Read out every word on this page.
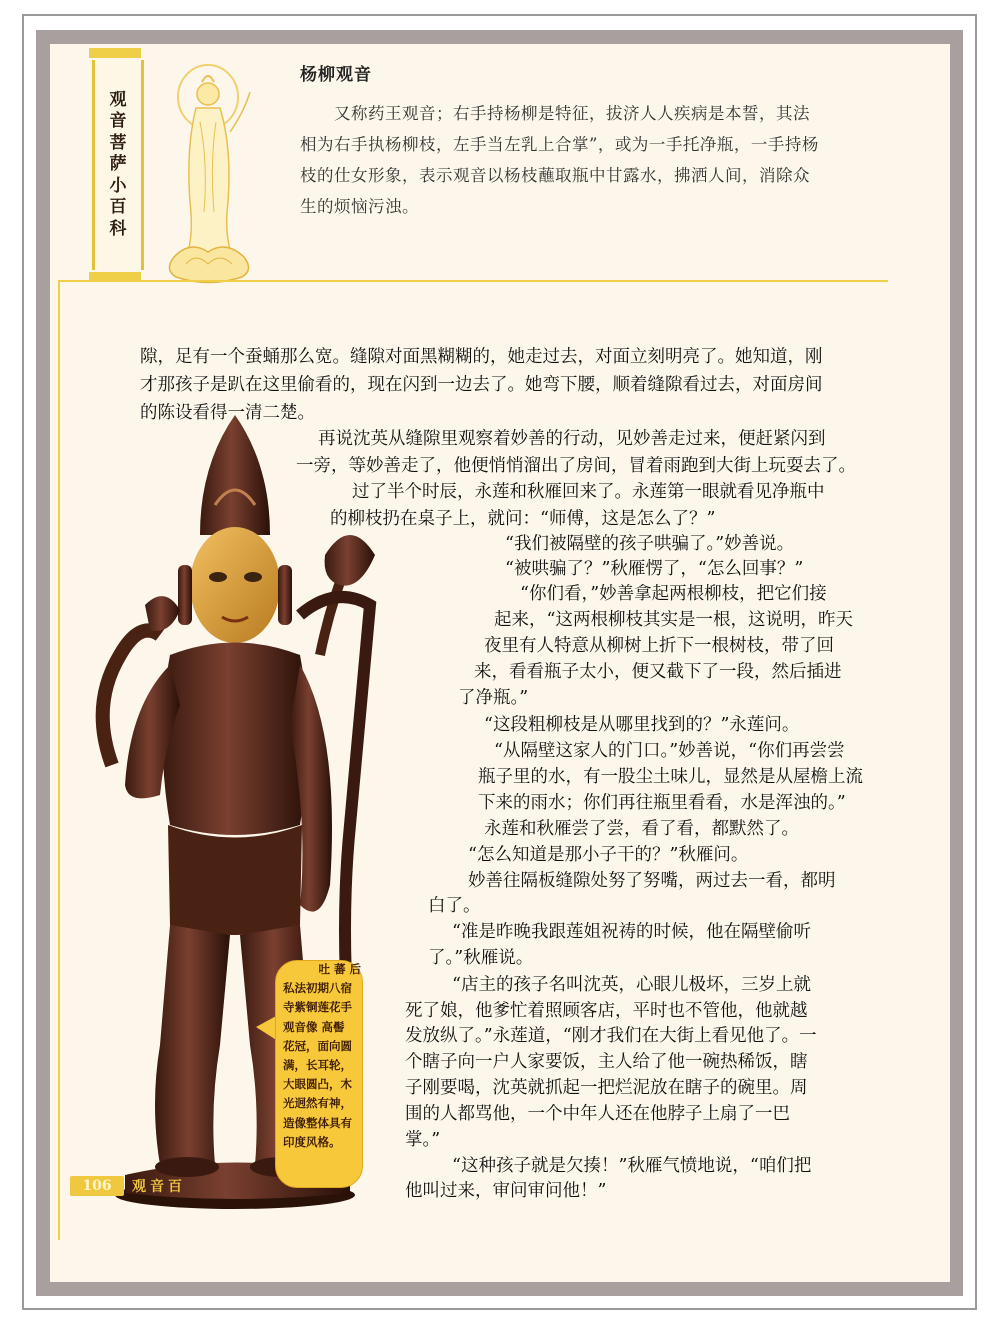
观
音
菩
萨
小
百
科
杨柳观音
又称药王观音；右手持杨柳是特征，拔济人人疾病是本誓，其法
相为右手执杨柳枝，左手当左乳上合掌”，或为一手托净瓶，一手持杨
枝的仕女形象，表示观音以杨枝蘸取瓶中甘露水，拂洒人间，消除众
生的烦恼污浊。
隙，足有一个蚕蛹那么宽。缝隙对面黑糊糊的，她走过去，对面立刻明亮了。她知道，刚
才那孩子是趴在这里偷看的，现在闪到一边去了。她弯下腰，顺着缝隙看过去，对面房间
的陈设看得一清二楚。
再说沈英从缝隙里观察着妙善的行动，见妙善走过来，便赶紧闪到
一旁，等妙善走了，他便悄悄溜出了房间，冒着雨跑到大街上玩耍去了。
过了半个时辰，永莲和秋雁回来了。永莲第一眼就看见净瓶中
的柳枝扔在桌子上，就问：“师傅，这是怎么了？”
“我们被隔壁的孩子哄骗了。”妙善说。
“被哄骗了？”秋雁愣了，“怎么回事？”
“你们看，”妙善拿起两根柳枝，把它们接
起来，“这两根柳枝其实是一根，这说明，昨天
夜里有人特意从柳树上折下一根树枝，带了回
来，看看瓶子太小，便又截下了一段，然后插进
了净瓶。”
“这段粗柳枝是从哪里找到的？”永莲问。
“从隔壁这家人的门口。”妙善说，“你们再尝尝
瓶子里的水，有一股尘土味儿，显然是从屋檐上流
下来的雨水；你们再往瓶里看看，水是浑浊的。”
永莲和秋雁尝了尝，看了看，都默然了。
“怎么知道是那小子干的？”秋雁问。
妙善往隔板缝隙处努了努嘴，两过去一看，都明
白了。
“准是昨晚我跟莲姐祝祷的时候，他在隔壁偷听
了。”秋雁说。
“店主的孩子名叫沈英，心眼儿极坏，三岁上就
死了娘，他爹忙着照顾客店，平时也不管他，他就越
发放纵了。”永莲道，“刚才我们在大街上看见他了。一
个瞎子向一户人家要饭，主人给了他一碗热稀饭，瞎
子刚要喝，沈英就抓起一把烂泥放在瞎子的碗里。周
围的人都骂他，一个中年人还在他脖子上扇了一巴
掌。”
“这种孩子就是欠揍！”秋雁气愤地说，“咱们把
他叫过来，审问审问他！”
吐 蕃 后
私法初期八宿
寺紫铜莲花手
观音像 高髻
花冠，面向圆
满，长耳轮，
大眼圆凸，木
光迥然有神，
造像整体具有
印度风格。
106	观音百
